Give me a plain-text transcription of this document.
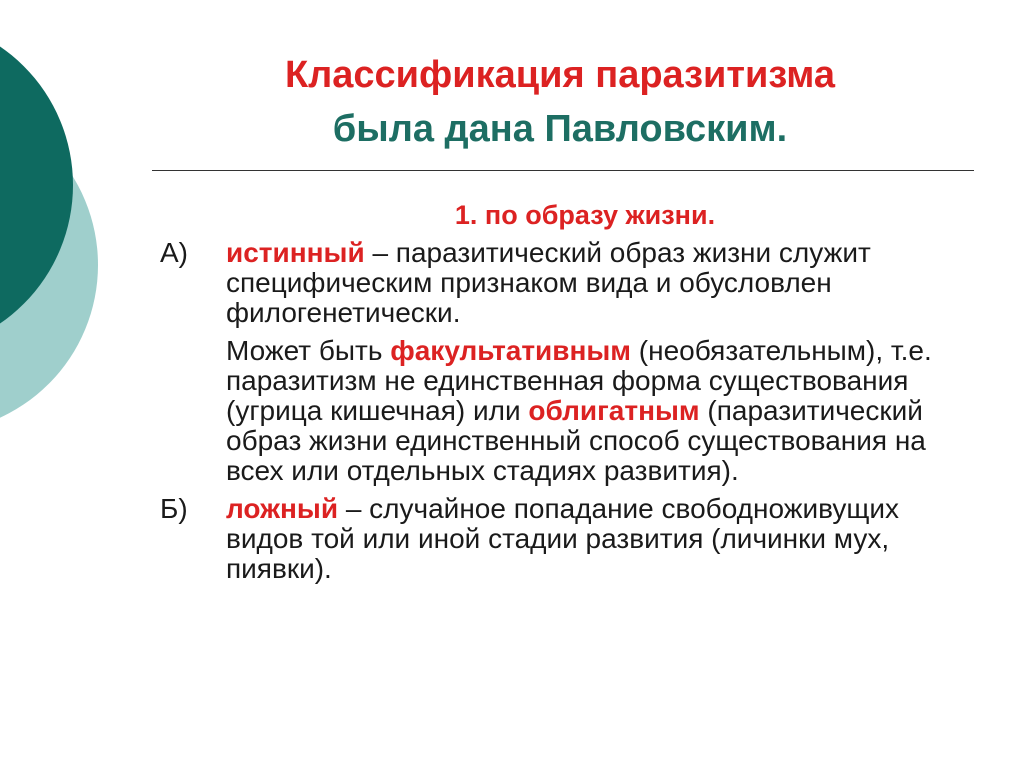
Классификация паразитизма
была дана Павловским.
1. по образу жизни.
А)	истинный – паразитический образ жизни служит специфическим признаком вида и обусловлен филогенетически.
Может быть факультативным (необязательным), т.е. паразитизм не единственная форма существования (угрица кишечная) или облигатным (паразитический образ жизни единственный способ существования на всех или отдельных стадиях развития).
Б)	ложный – случайное попадание свободноживущих видов той или иной стадии развития (личинки мух, пиявки).
